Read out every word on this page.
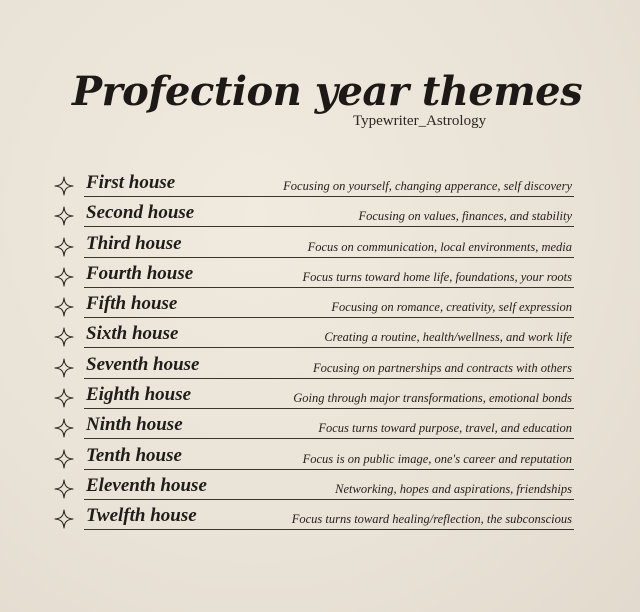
Profection year themes
Typewriter_Astrology
First house	Focusing on yourself, changing apperance, self discovery
Second house	Focusing on values, finances, and stability
Third house	Focus on communication, local environments, media
Fourth house	Focus turns toward home life, foundations, your roots
Fifth house	Focusing on romance, creativity, self expression
Sixth house	Creating a routine, health/wellness, and work life
Seventh house	Focusing on partnerships and contracts with others
Eighth house	Going through major transformations, emotional bonds
Ninth house	Focus turns toward purpose, travel, and education
Tenth house	Focus is on public image, one's career and reputation
Eleventh house	Networking, hopes and aspirations, friendships
Twelfth house	Focus turns toward healing/reflection, the subconscious
